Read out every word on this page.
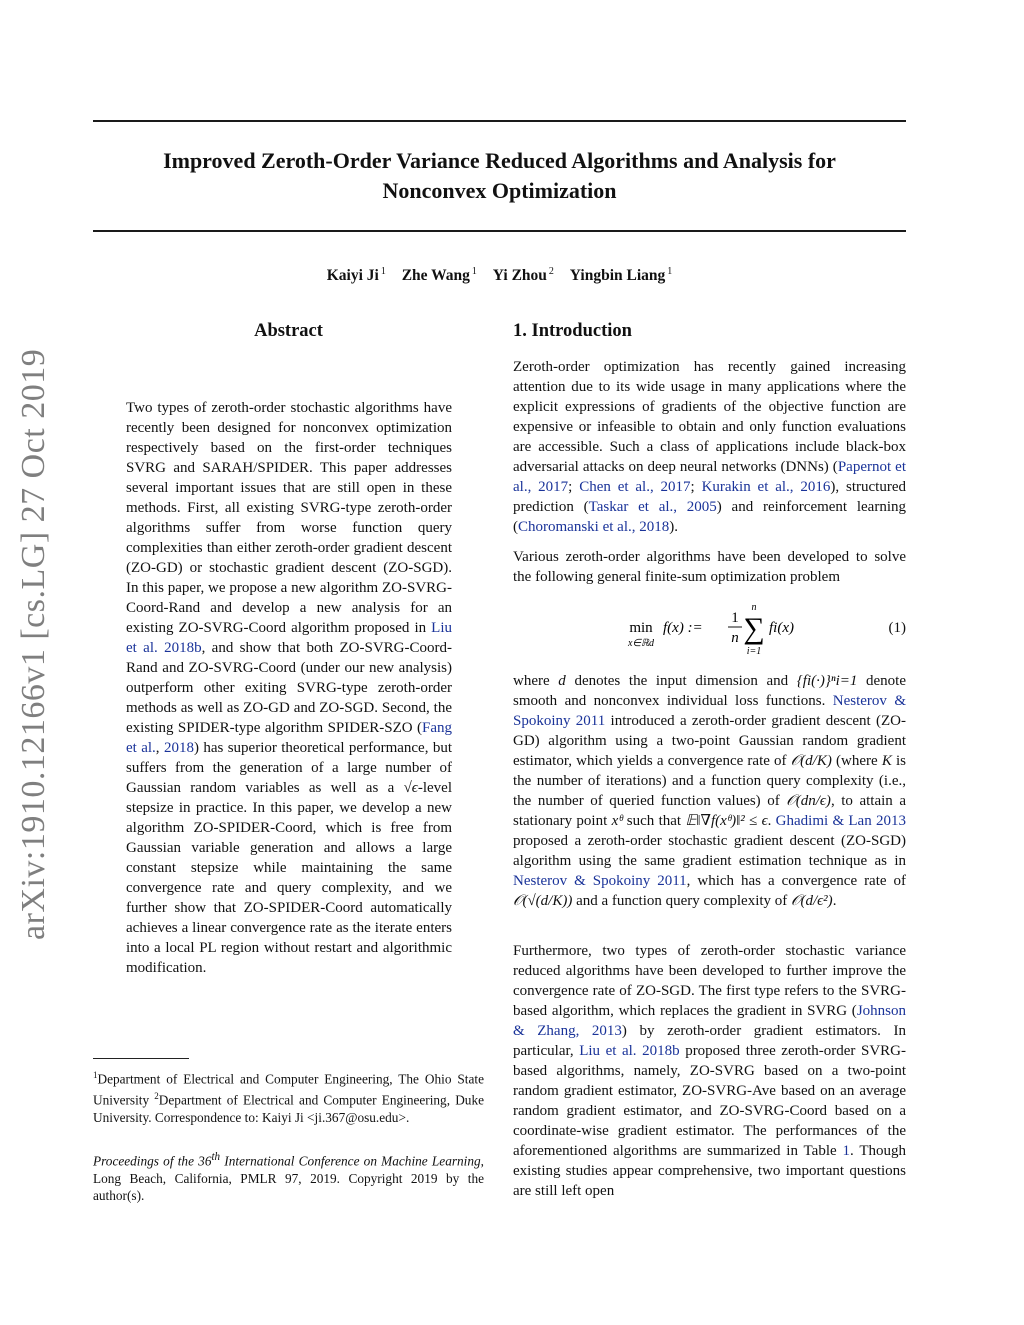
arXiv:1910.12166v1 [cs.LG] 27 Oct 2019
Improved Zeroth-Order Variance Reduced Algorithms and Analysis for
Nonconvex Optimization
Kaiyi Ji $^1$ Zhe Wang $^1$ Yi Zhou $^2$ Yingbin Liang $^1$
Abstract
Two types of zeroth-order stochastic algorithms have recently been designed for nonconvex optimization respectively based on the first-order techniques SVRG and SARAH/SPIDER. This paper addresses several important issues that are still open in these methods. First, all existing SVRG-type zeroth-order algorithms suffer from worse function query complexities than either zeroth-order gradient descent (ZO-GD) or stochastic gradient descent (ZO-SGD). In this paper, we propose a new algorithm ZO-SVRG-Coord-Rand and develop a new analysis for an existing ZO-SVRG-Coord algorithm proposed in Liu et al. 2018b, and show that both ZO-SVRG-Coord-Rand and ZO-SVRG-Coord (under our new analysis) outperform other exiting SVRG-type zeroth-order methods as well as ZO-GD and ZO-SGD. Second, the existing SPIDER-type algorithm SPIDER-SZO (Fang et al., 2018) has superior theoretical performance, but suffers from the generation of a large number of Gaussian random variables as well as a √ϵ-level stepsize in practice. In this paper, we develop a new algorithm ZO-SPIDER-Coord, which is free from Gaussian variable generation and allows a large constant stepsize while maintaining the same convergence rate and query complexity, and we further show that ZO-SPIDER-Coord automatically achieves a linear convergence rate as the iterate enters into a local PL region without restart and algorithmic modification.
$^1$Department of Electrical and Computer Engineering, The Ohio State University $^2$Department of Electrical and Computer Engineering, Duke University. Correspondence to: Kaiyi Ji <ji.367@osu.edu>.
Proceedings of the 36th International Conference on Machine Learning, Long Beach, California, PMLR 97, 2019. Copyright 2019 by the author(s).
1. Introduction
Zeroth-order optimization has recently gained increasing attention due to its wide usage in many applications where the explicit expressions of gradients of the objective function are expensive or infeasible to obtain and only function evaluations are accessible. Such a class of applications include black-box adversarial attacks on deep neural networks (DNNs) (Papernot et al., 2017; Chen et al., 2017; Kurakin et al., 2016), structured prediction (Taskar et al., 2005) and reinforcement learning (Choromanski et al., 2018).
Various zeroth-order algorithms have been developed to solve the following general finite-sum optimization problem
min
x∈ℝd
f(x) :=
1
n
n
∑
i=1
fi(x)	(1)
where d denotes the input dimension and {fi(·)}ⁿi=1 denote smooth and nonconvex individual loss functions. Nesterov & Spokoiny 2011 introduced a zeroth-order gradient descent (ZO-GD) algorithm using a two-point Gaussian random gradient estimator, which yields a convergence rate of 𝒪(d/K) (where K is the number of iterations) and a function query complexity (i.e., the number of queried function values) of 𝒪(dn/ϵ), to attain a stationary point xᶿ such that 𝔼‖∇f(xᶿ)‖² ≤ ϵ. Ghadimi & Lan 2013 proposed a zeroth-order stochastic gradient descent (ZO-SGD) algorithm using the same gradient estimation technique as in Nesterov & Spokoiny 2011, which has a convergence rate of 𝒪(√(d/K)) and a function query complexity of 𝒪(d/ϵ²).
Furthermore, two types of zeroth-order stochastic variance reduced algorithms have been developed to further improve the convergence rate of ZO-SGD. The first type refers to the SVRG-based algorithm, which replaces the gradient in SVRG (Johnson & Zhang, 2013) by zeroth-order gradient estimators. In particular, Liu et al. 2018b proposed three zeroth-order SVRG-based algorithms, namely, ZO-SVRG based on a two-point random gradient estimator, ZO-SVRG-Ave based on an average random gradient estimator, and ZO-SVRG-Coord based on a coordinate-wise gradient estimator. The performances of the aforementioned algorithms are summarized in Table 1. Though existing studies appear comprehensive, two important questions are still left open
